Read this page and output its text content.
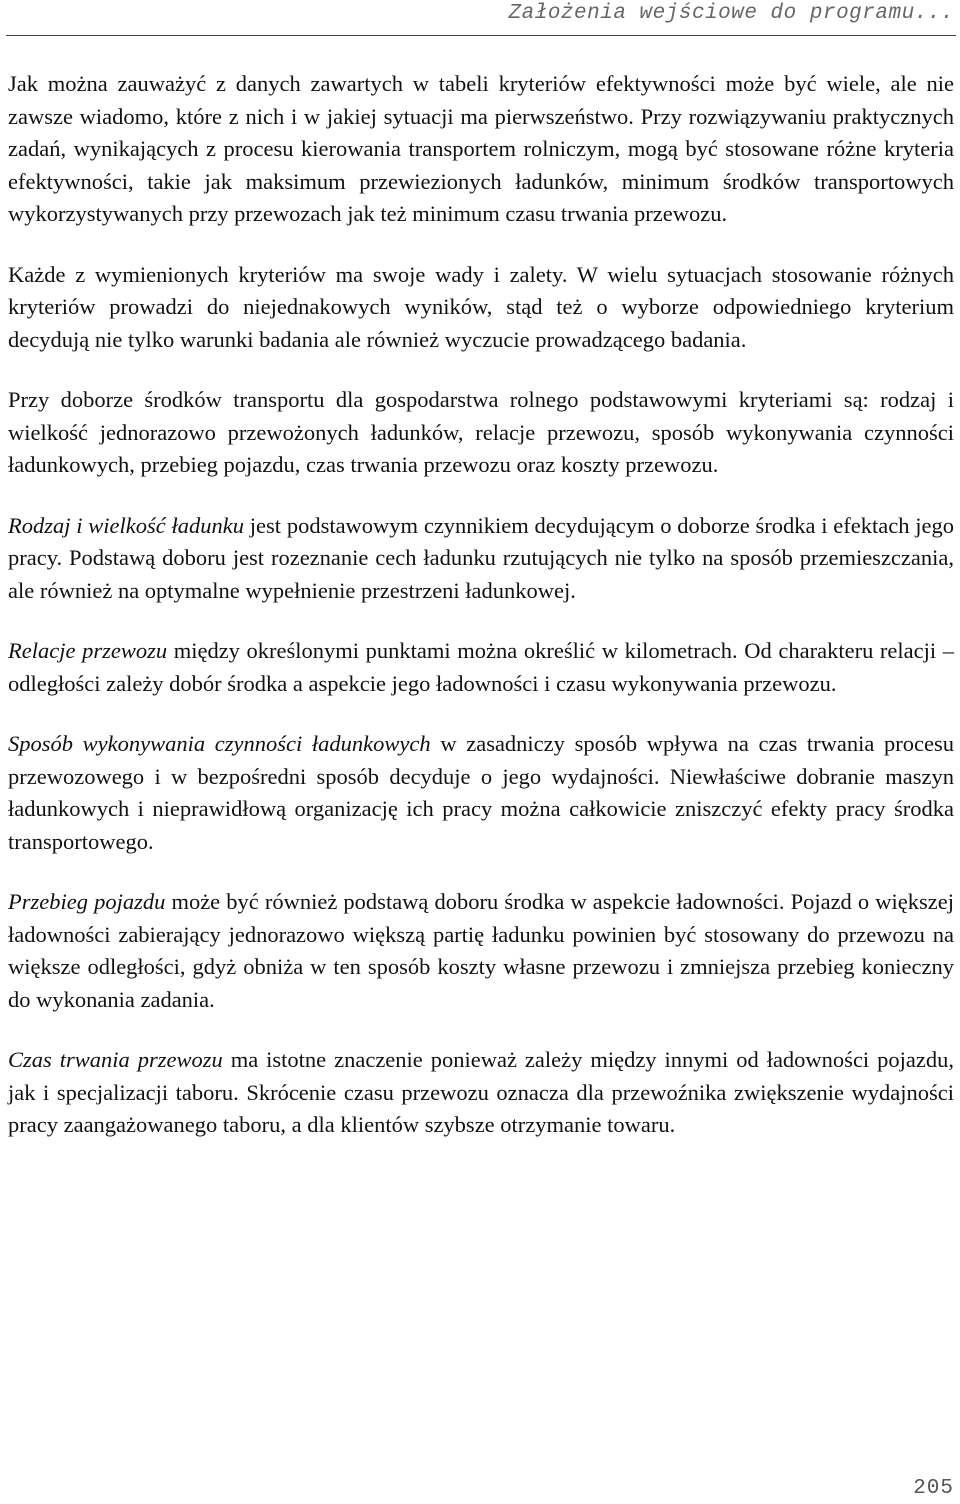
Założenia wejściowe do programu...

Jak można zauważyć z danych zawartych w tabeli kryteriów efektywności może być wiele, ale nie zawsze wiadomo, które z nich i w jakiej sytuacji ma pierwszeństwo. Przy rozwiązywaniu praktycznych zadań, wynikających z procesu kierowania transportem rolniczym, mogą być stosowane różne kryteria efektywności, takie jak maksimum przewiezionych ładunków, minimum środków transportowych wykorzystywanych przy przewozach jak też minimum czasu trwania przewozu.

Każde z wymienionych kryteriów ma swoje wady i zalety. W wielu sytuacjach stosowanie różnych kryteriów prowadzi do niejednakowych wyników, stąd też o wyborze odpowiedniego kryterium decydują nie tylko warunki badania ale również wyczucie prowadzącego badania.

Przy doborze środków transportu dla gospodarstwa rolnego podstawowymi kryteriami są: rodzaj i wielkość jednorazowo przewożonych ładunków, relacje przewozu, sposób wykonywania czynności ładunkowych, przebieg pojazdu, czas trwania przewozu oraz koszty przewozu.

Rodzaj i wielkość ładunku jest podstawowym czynnikiem decydującym o doborze środka i efektach jego pracy. Podstawą doboru jest rozeznanie cech ładunku rzutujących nie tylko na sposób przemieszczania, ale również na optymalne wypełnienie przestrzeni ładunkowej.

Relacje przewozu między określonymi punktami można określić w kilometrach. Od charakteru relacji – odległości zależy dobór środka a aspekcie jego ładowności i czasu wykonywania przewozu.

Sposób wykonywania czynności ładunkowych w zasadniczy sposób wpływa na czas trwania procesu przewozowego i w bezpośredni sposób decyduje o jego wydajności. Niewłaściwe dobranie maszyn ładunkowych i nieprawidłową organizację ich pracy można całkowicie zniszczyć efekty pracy środka transportowego.

Przebieg pojazdu może być również podstawą doboru środka w aspekcie ładowności. Pojazd o większej ładowności zabierający jednorazowo większą partię ładunku powinien być stosowany do przewozu na większe odległości, gdyż obniża w ten sposób koszty własne przewozu i zmniejsza przebieg konieczny do wykonania zadania.

Czas trwania przewozu ma istotne znaczenie ponieważ zależy między innymi od ładowności pojazdu, jak i specjalizacji taboru. Skrócenie czasu przewozu oznacza dla przewoźnika zwiększenie wydajności pracy zaangażowanego taboru, a dla klientów szybsze otrzymanie towaru.

205
